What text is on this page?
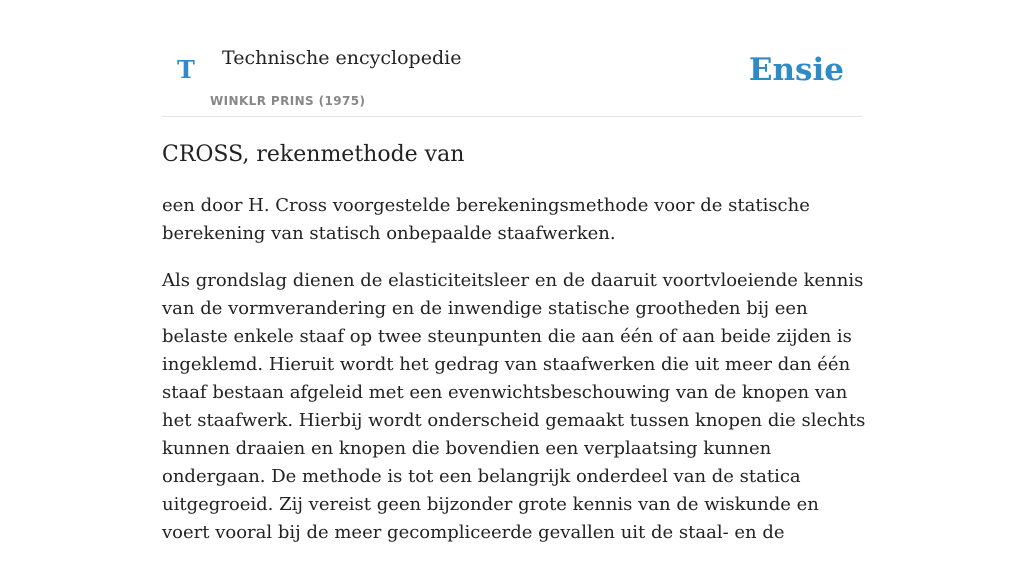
T Technische encyclopedie
WINKLR PRINS (1975)
Ensie
CROSS, rekenmethode van

een door H. Cross voorgestelde berekeningsmethode voor de statische berekening van statisch onbepaalde staafwerken.

Als grondslag dienen de elasticiteitsleer en de daaruit voortvloeiende kennis van de vormverandering en de inwendige statische grootheden bij een belaste enkele staaf op twee steunpunten die aan één of aan beide zijden is ingeklemd. Hieruit wordt het gedrag van staafwerken die uit meer dan één staaf bestaan afgeleid met een evenwichtsbeschouwing van de knopen van het staafwerk. Hierbij wordt onderscheid gemaakt tussen knopen die slechts kunnen draaien en knopen die bovendien een verplaatsing kunnen ondergaan. De methode is tot een belangrijk onderdeel van de statica uitgegroeid. Zij vereist geen bijzonder grote kennis van de wiskunde en voert vooral bij de meer gecompliceerde gevallen uit de staal- en de
